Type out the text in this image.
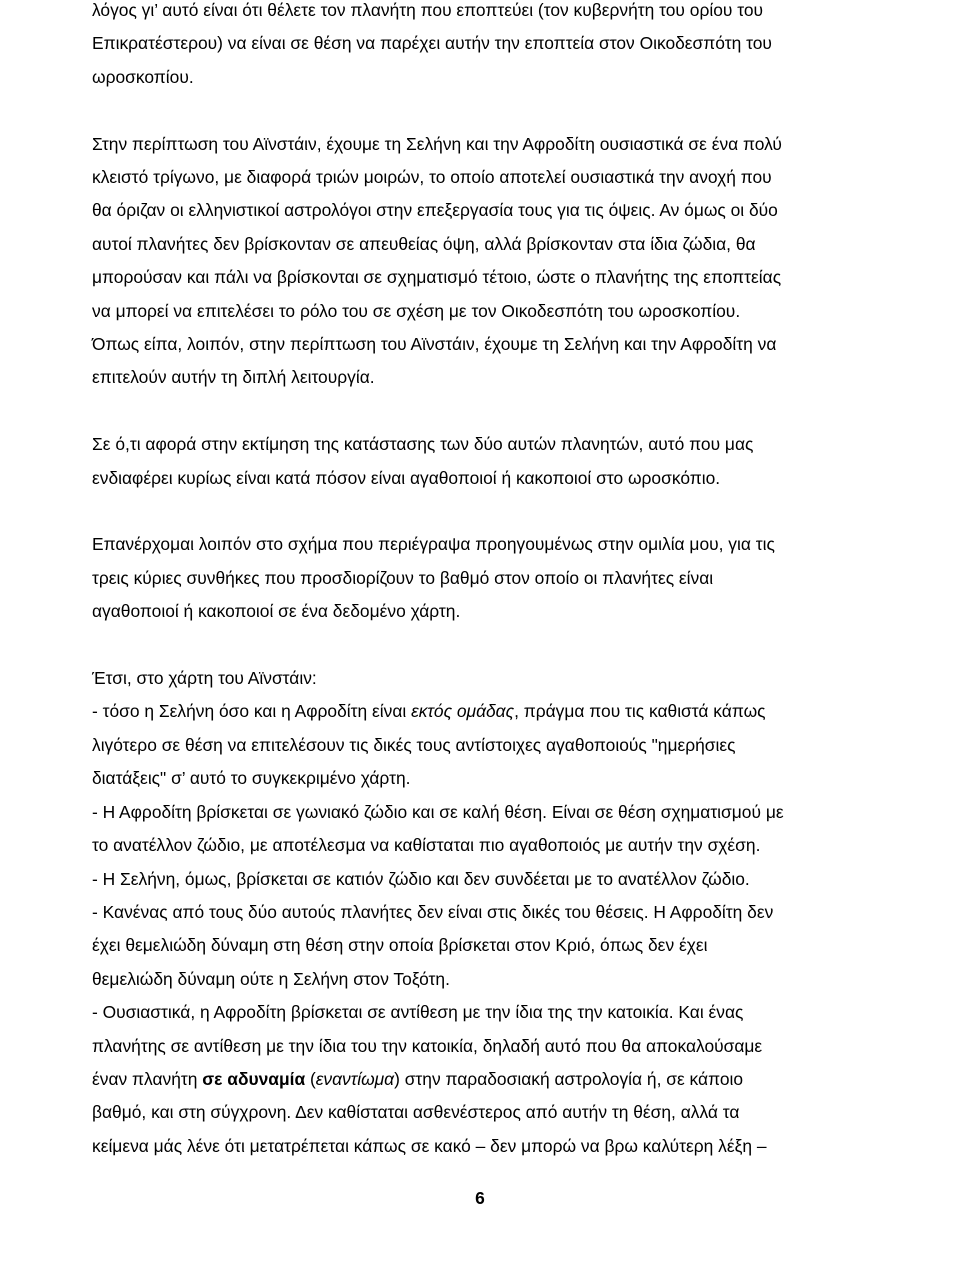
λόγος γι’ αυτό είναι ότι θέλετε τον πλανήτη που εποπτεύει (τον κυβερνήτη του ορίου του
Επικρατέστερου) να είναι σε θέση να παρέχει αυτήν την εποπτεία στον Οικοδεσπότη του
ωροσκοπίου.

Στην περίπτωση του Αϊνστάιν, έχουμε τη Σελήνη και την Αφροδίτη ουσιαστικά σε ένα πολύ
κλειστό τρίγωνο, με διαφορά τριών μοιρών, το οποίο αποτελεί ουσιαστικά την ανοχή που
θα όριζαν οι ελληνιστικοί αστρολόγοι στην επεξεργασία τους για τις όψεις. Αν όμως οι δύο
αυτοί πλανήτες δεν βρίσκονταν σε απευθείας όψη, αλλά βρίσκονταν στα ίδια ζώδια, θα
μπορούσαν και πάλι να βρίσκονται σε σχηματισμό τέτοιο, ώστε ο πλανήτης της εποπτείας
να μπορεί να επιτελέσει το ρόλο του σε σχέση με τον Οικοδεσπότη του ωροσκοπίου.
Όπως είπα, λοιπόν, στην περίπτωση του Αϊνστάιν, έχουμε τη Σελήνη και την Αφροδίτη να
επιτελούν αυτήν τη διπλή λειτουργία.

Σε ό,τι αφορά στην εκτίμηση της κατάστασης των δύο αυτών πλανητών, αυτό που μας
ενδιαφέρει κυρίως είναι κατά πόσον είναι αγαθοποιοί ή κακοποιοί στο ωροσκόπιο.

Επανέρχομαι λοιπόν στο σχήμα που περιέγραψα προηγουμένως στην ομιλία μου, για τις
τρεις κύριες συνθήκες που προσδιορίζουν το βαθμό στον οποίο οι πλανήτες είναι
αγαθοποιοί ή κακοποιοί σε ένα δεδομένο χάρτη.

Έτσι, στο χάρτη του Αϊνστάιν:
- τόσο η Σελήνη όσο και η Αφροδίτη είναι εκτός ομάδας, πράγμα που τις καθιστά κάπως
λιγότερο σε θέση να επιτελέσουν τις δικές τους αντίστοιχες αγαθοποιούς "ημερήσιες
διατάξεις" σ’ αυτό το συγκεκριμένο χάρτη.
- Η Αφροδίτη βρίσκεται σε γωνιακό ζώδιο και σε καλή θέση. Είναι σε θέση σχηματισμού με
το ανατέλλον ζώδιο, με αποτέλεσμα να καθίσταται πιο αγαθοποιός με αυτήν την σχέση.
- Η Σελήνη, όμως, βρίσκεται σε κατιόν ζώδιο και δεν συνδέεται με το ανατέλλον ζώδιο.
- Κανένας από τους δύο αυτούς πλανήτες δεν είναι στις δικές του θέσεις. Η Αφροδίτη δεν
έχει θεμελιώδη δύναμη στη θέση στην οποία βρίσκεται στον Κριό, όπως δεν έχει
θεμελιώδη δύναμη ούτε η Σελήνη στον Τοξότη.
- Ουσιαστικά, η Αφροδίτη βρίσκεται σε αντίθεση με την ίδια της την κατοικία. Και ένας
πλανήτης σε αντίθεση με την ίδια του την κατοικία, δηλαδή αυτό που θα αποκαλούσαμε
έναν πλανήτη σε αδυναμία (εναντίωμα) στην παραδοσιακή αστρολογία ή, σε κάποιο
βαθμό, και στη σύγχρονη. Δεν καθίσταται ασθενέστερος από αυτήν τη θέση, αλλά τα
κείμενα μάς λένε ότι μετατρέπεται κάπως σε κακό – δεν μπορώ να βρω καλύτερη λέξη –

6
